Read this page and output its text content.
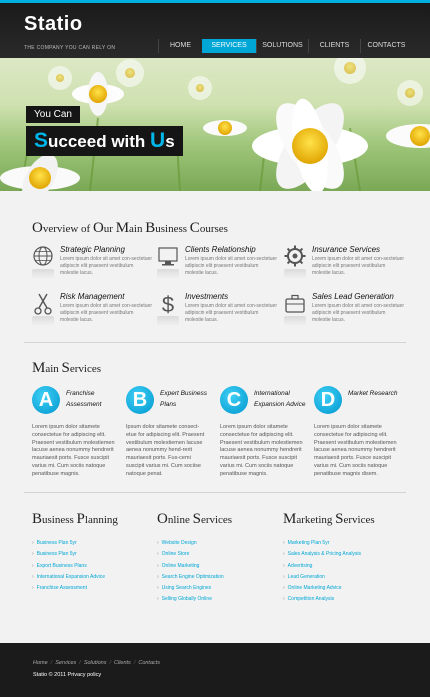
Statio
THE COMPANY YOU CAN RELY ON	HOME	SERVICES	SOLUTIONS	CLIENTS	CONTACTS
You Can
Succeed with Us
Overview of Our Main Business Courses
Strategic Planning
Lorem ipsum dolor sit amet con-sectetuer adipiscin elit praesent vestibulum molestie lacus.
Clients Relationship
Lorem ipsum dolor sit amet con-sectetuer adipiscin elit praesent vestibulum molestie lacus.
Insurance Services
Lorem ipsum dolor sit amet con-sectetuer adipiscin elit praesent vestibulum molestie lacus.
Risk Management
Lorem ipsum dolor sit amet con-sectetuer adipiscin elit praesent vestibulum molestie lacus.
$ Investments
Lorem ipsum dolor sit amet con-sectetuer adipiscin elit praesent vestibulum molestie lacus.
Sales Lead Generation
Lorem ipsum dolor sit amet con-sectetuer adipiscin elit praesent vestibulum molestie lacus.
Main Services
A	Franchise Assessment
Lorem ipsum dolor sitamete consectetue for adipiscing elit. Praesent vestibulum molestiemen lacuse aenea nonummy hendrerit mauriaesit ports. Fusce suscipit varius mi. Cum sociis natoque penatibuse magnis.
B	Expert Business Plans
Ipsum dolor sitamete consect-etue for adipiscing elit. Praesent vestibulum molestiemen lacuse aenea nonummy hend-rerit mauriaesit ports. Fus-cemi suscipit varius mi. Cum sociise natoque penat.
C	International Expansion Advice
Lorem ipsum dolor sitamete consectetue for adipiscing elit. Praesent vestibulum molestiemen lacuse aenea nonummy hendrerit mauriaesit ports. Fusce suscipit varius mi. Cum sociis natoque penatibuse magnis.
D	Market Research
Lorem ipsum dolor sitamete consectetue for adipiscing elit. Praesent vestibulum molestiemen lacuse aenea nonummy hendrerit mauriaesit ports. Fusce suscipit varius mi. Cum sociis natoque penatibuse magnis disem.
Business Planning
› Business Plan 5yr
› Business Plan 5yr
› Export Business Plans
› International Expansion Advice
› Franchise Assessment
Online Services
› Website Design
› Online Store
› Online Marketing
› Search Engine Optimization
› Using Search Engines
› Selling Globally Online
Marketing Services
› Marketing Plan 5yr
› Sales Analysis & Pricing Analysis
› Advertising
› Lead Generation
› Online Marketing Advice
› Competition Analysis
Home / Services / Solutions / Clients / Contacts
Statio © 2011 Privacy policy
